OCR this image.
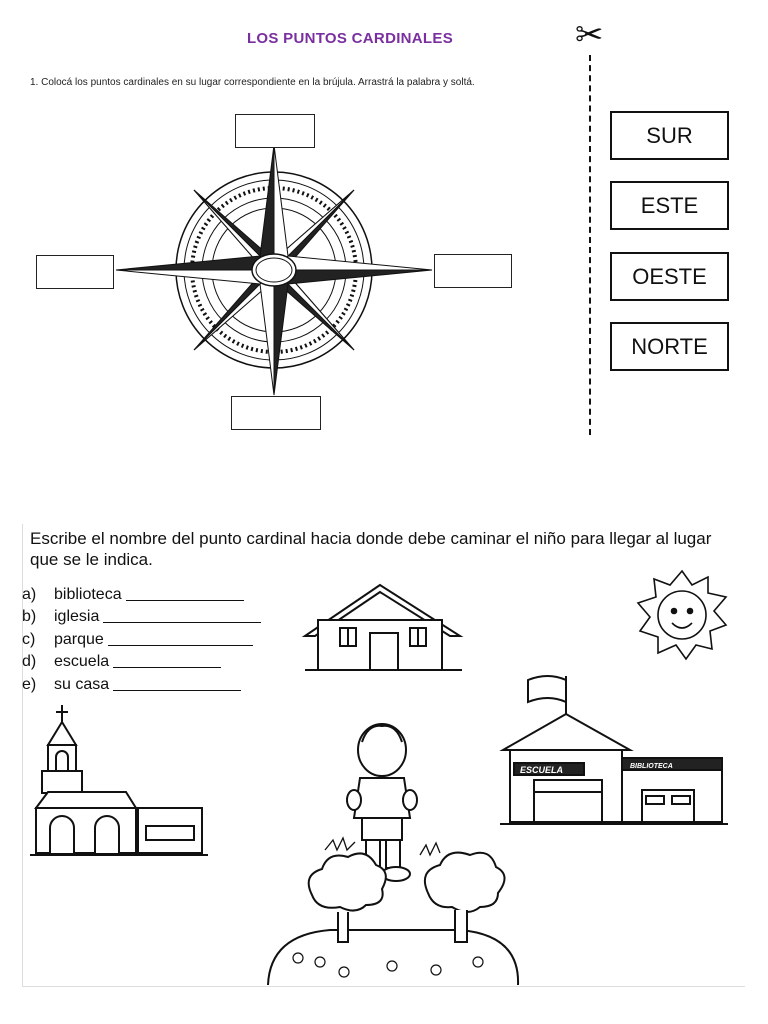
LOS PUNTOS CARDINALES
1. Colocá los puntos cardinales en su lugar correspondiente en la brújula. Arrastrá la palabra y soltá.
✂
ESCUELA	BIBLIOTECA
SUR
ESTE
OESTE
NORTE
Escribe el nombre del punto cardinal hacia donde debe caminar el niño para llegar al lugar que se le indica.
a)	biblioteca
b)	iglesia
c)	parque
d)	escuela
e)	su casa
